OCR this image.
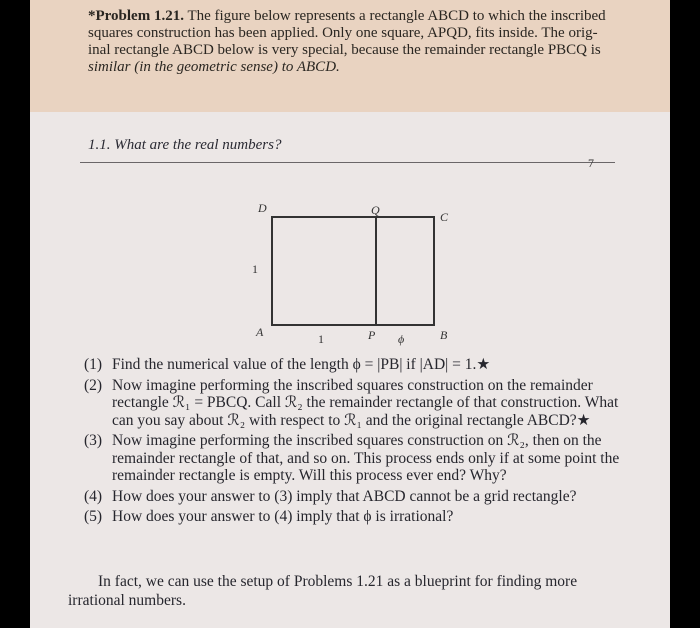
*Problem 1.21. The figure below represents a rectangle ABCD to which the inscribed
squares construction has been applied. Only one square, APQD, fits inside. The orig-
inal rectangle ABCD below is very special, because the remainder rectangle PBCQ is
similar (in the geometric sense) to ABCD.
1.1. What are the real numbers?
7
D	Q	C
1
A	1	P ϕ	B
(1) Find the numerical value of the length ϕ = |PB| if |AD| = 1.★
(2) Now imagine performing the inscribed squares construction on the remainder rectangle ℛ₁ = PBCQ. Call ℛ₂ the remainder rectangle of that construction. What can you say about ℛ₂ with respect to ℛ₁ and the original rectangle ABCD?★
(3) Now imagine performing the inscribed squares construction on ℛ₂, then on the remainder rectangle of that, and so on. This process ends only if at some point the remainder rectangle is empty. Will this process ever end? Why?
(4) How does your answer to (3) imply that ABCD cannot be a grid rectangle?
(5) How does your answer to (4) imply that ϕ is irrational?
In fact, we can use the setup of Problems 1.21 as a blueprint for finding more irrational numbers.
